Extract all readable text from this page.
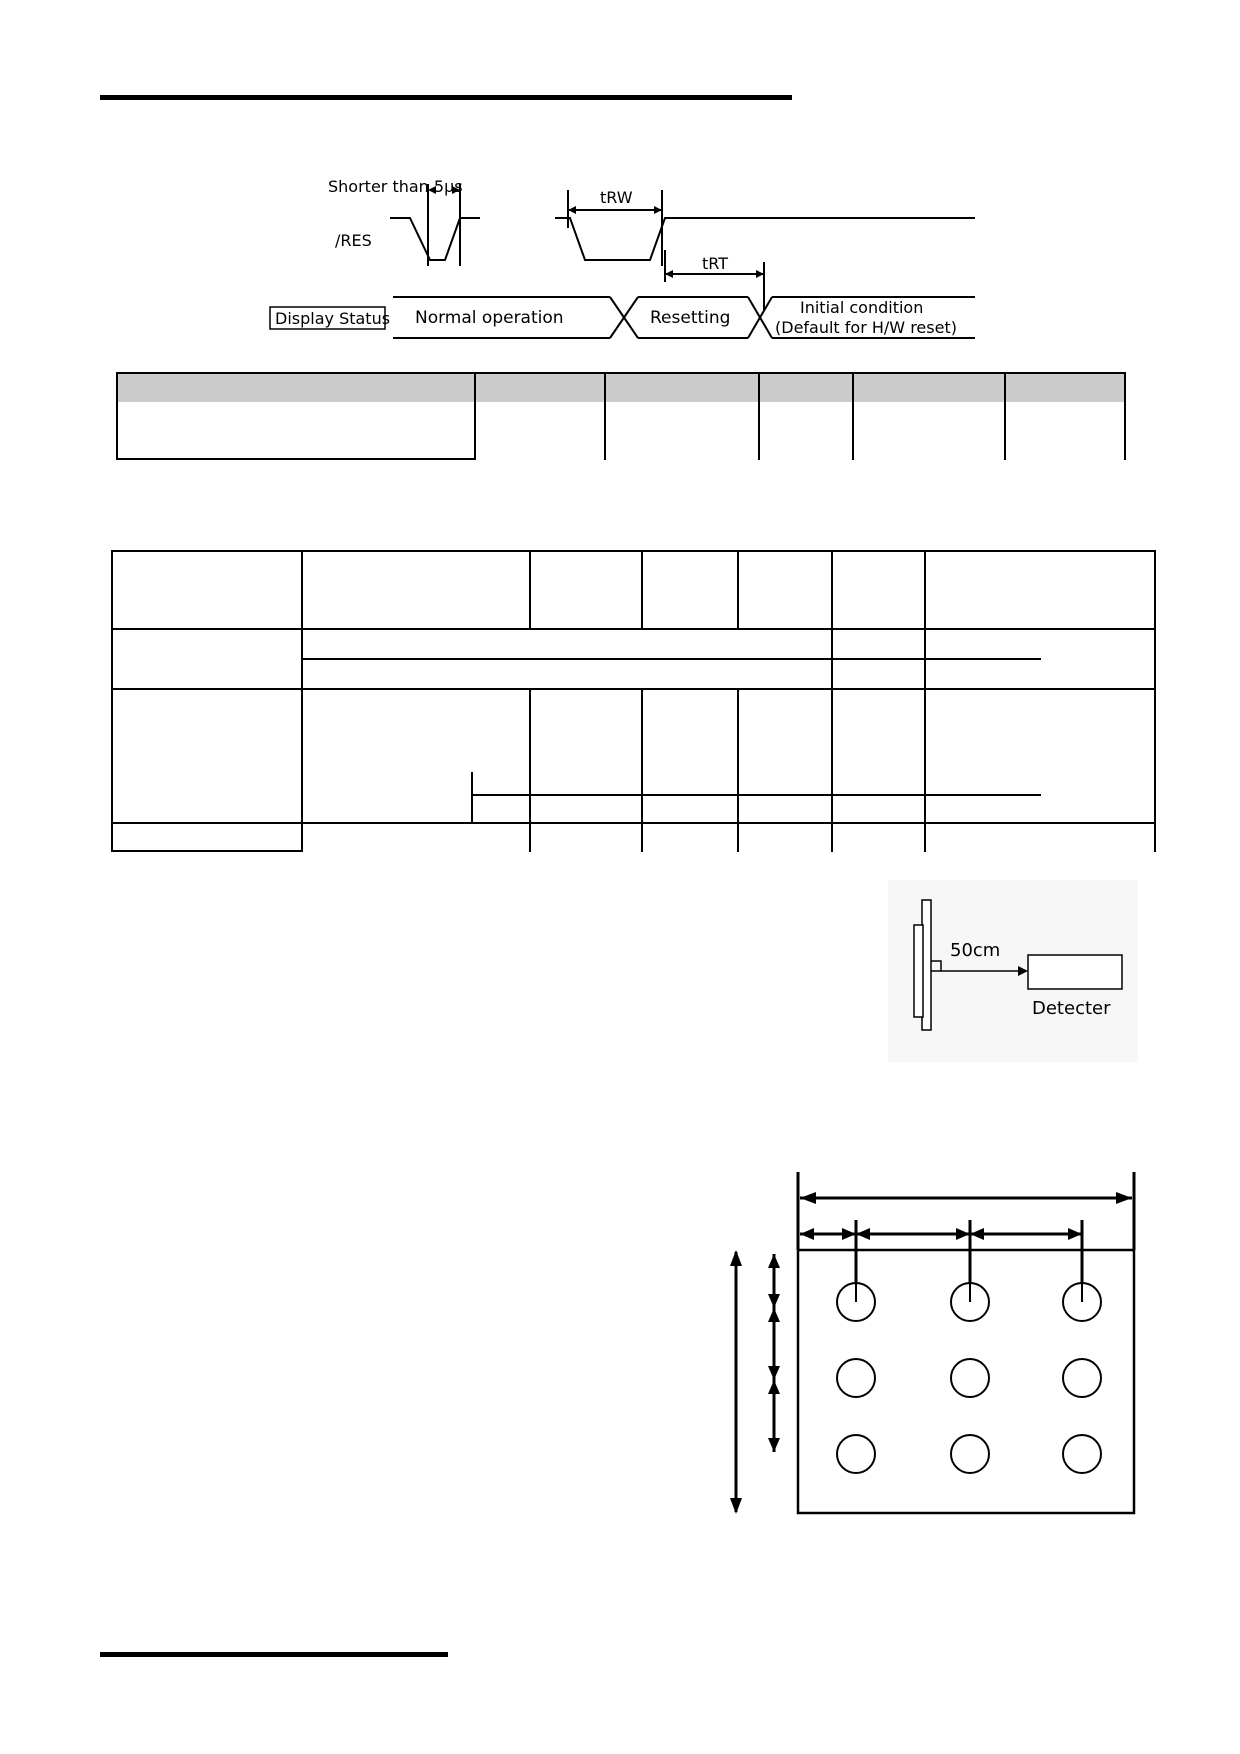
Shorter than 5µs
/RES
tRW
tRT
Display Status Normal operation	Resetting
Initial condition
(Default for H/W reset)
50cm
Detecter
